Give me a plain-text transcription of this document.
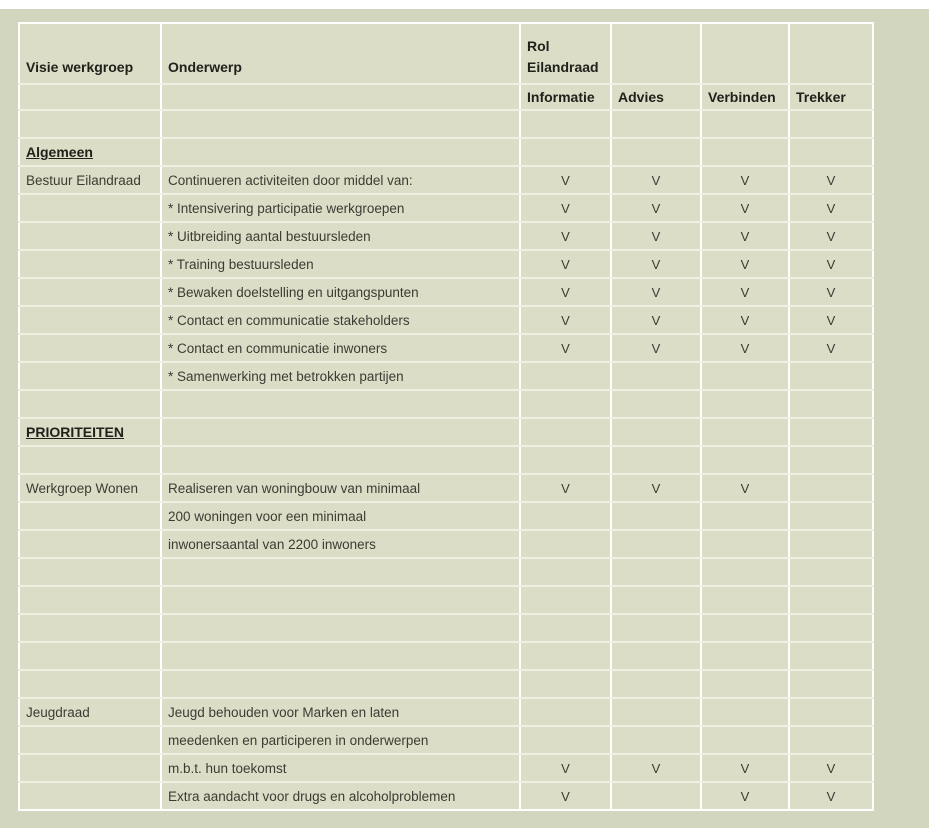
Visie werkgroep	Onderwerp	Rol Eilandraad			
		Informatie	Advies	Verbinden	Trekker

Algemeen					
Bestuur Eilandraad	Continueren activiteiten door middel van:	V	V	V	V
	* Intensivering participatie werkgroepen	V	V	V	V
	* Uitbreiding aantal bestuursleden	V	V	V	V
	* Training bestuursleden	V	V	V	V
	* Bewaken doelstelling en uitgangspunten	V	V	V	V
	* Contact en communicatie stakeholders	V	V	V	V
	* Contact en communicatie inwoners	V	V	V	V
	* Samenwerking met betrokken partijen				

PRIORITEITEN					

Werkgroep Wonen	Realiseren van woningbouw van minimaal	V	V	V	
	200 woningen voor een minimaal				
	inwonersaantal van 2200 inwoners				

Jeugdraad	Jeugd behouden voor Marken en laten				
	meedenken en participeren in onderwerpen				
	m.b.t. hun toekomst	V	V	V	V
	Extra aandacht voor drugs en alcoholproblemen	V		V	V
